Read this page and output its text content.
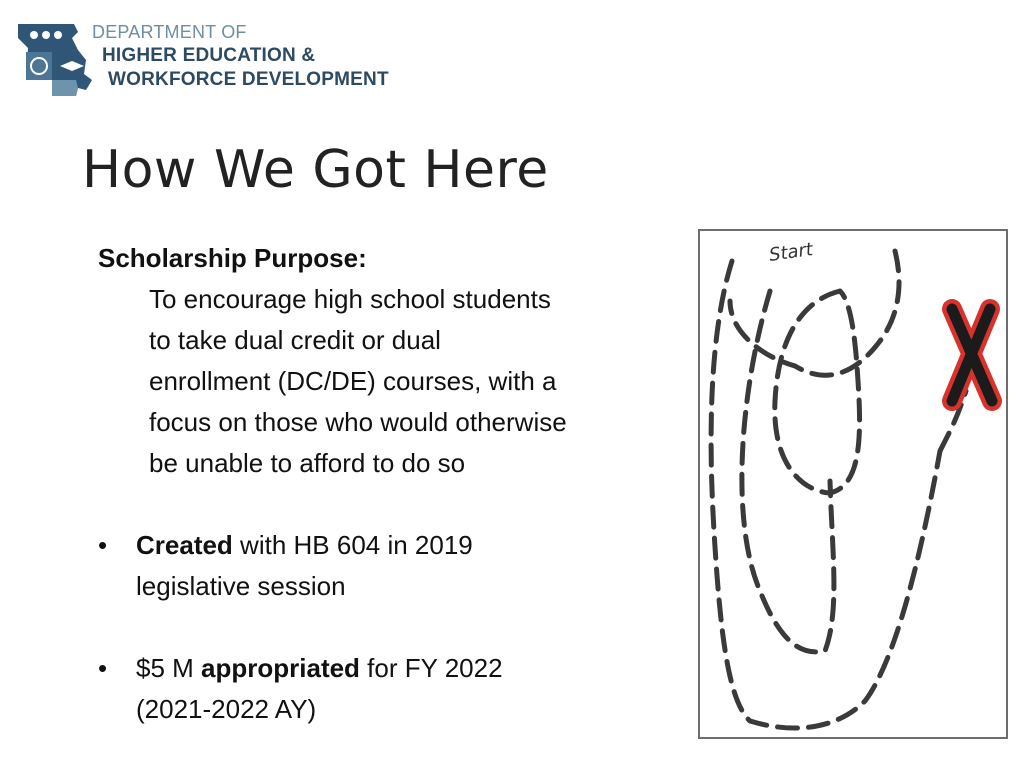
DEPARTMENT OF
HIGHER EDUCATION &
WORKFORCE DEVELOPMENT
How We Got Here
Scholarship Purpose:
To encourage high school students
to take dual credit or dual
enrollment (DC/DE) courses, with a
focus on those who would otherwise
be unable to afford to do so
• Created with HB 604 in 2019
legislative session
• $5 M appropriated for FY 2022
(2021-2022 AY)
Start
